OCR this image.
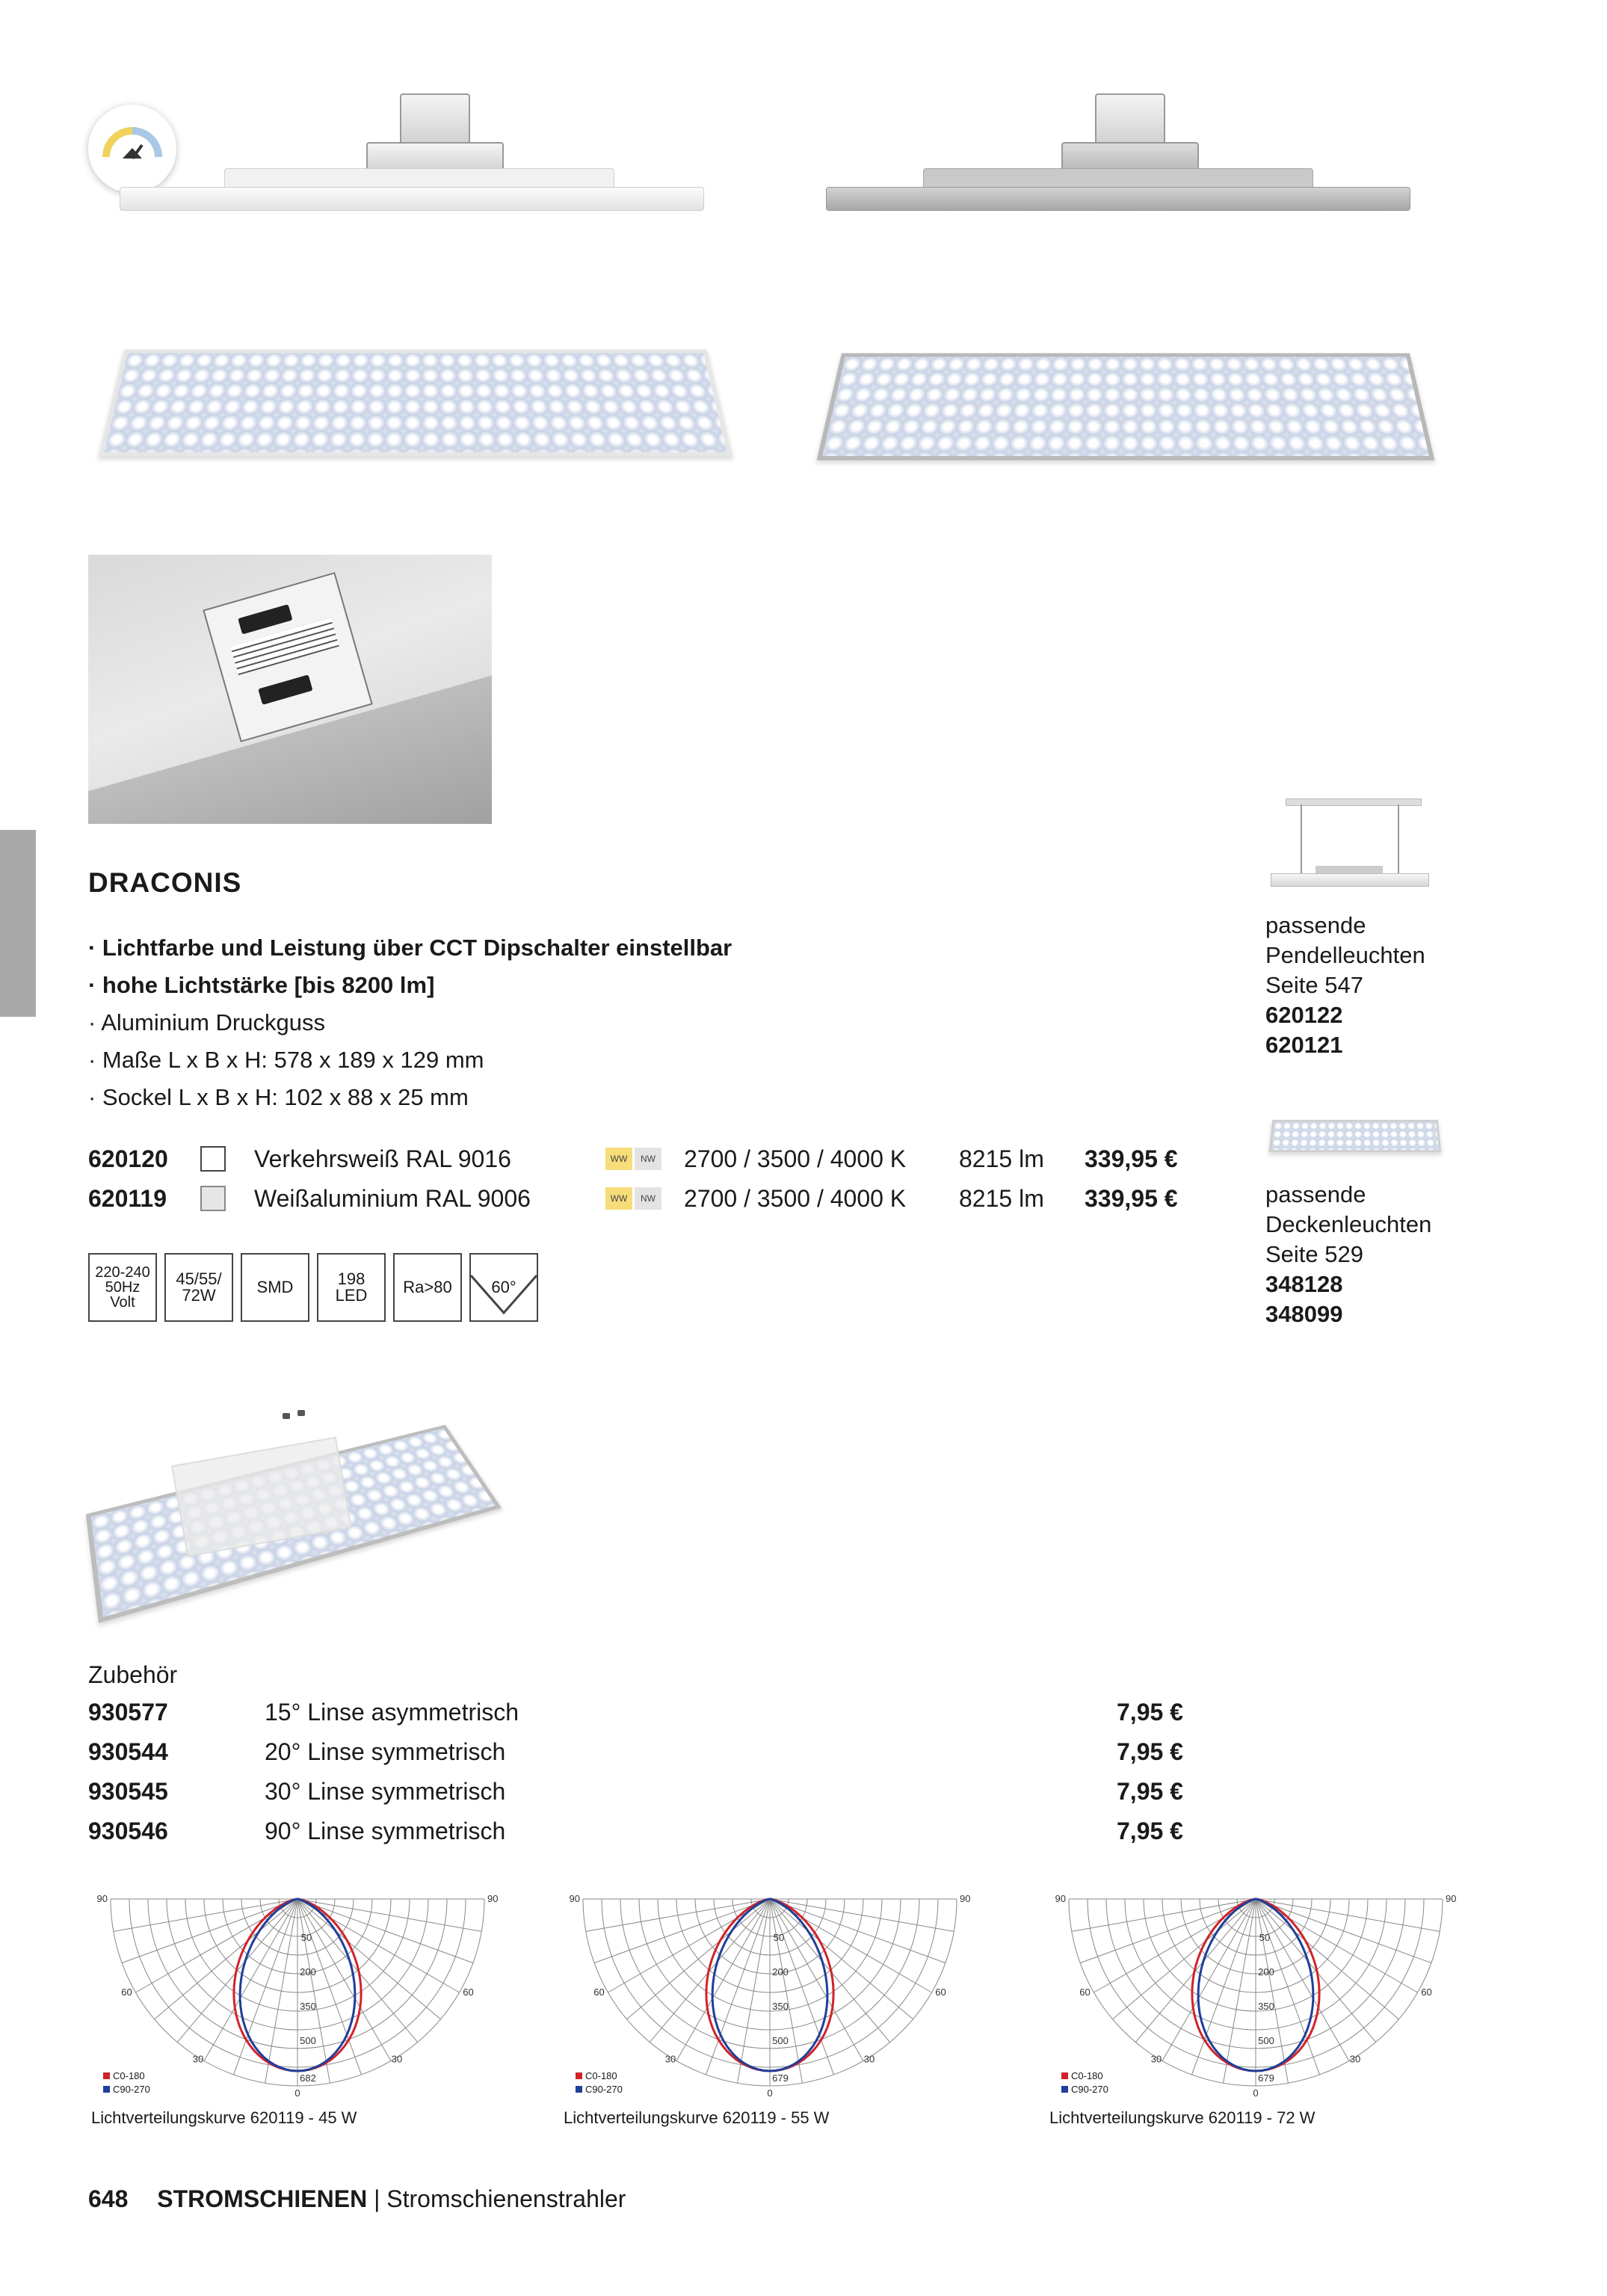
DRACONIS
· Lichtfarbe und Leistung über CCT Dipschalter einstellbar
· hohe Lichtstärke [bis 8200 lm]
· Aluminium Druckguss
· Maße L x B x H: 578 x 189 x 129 mm
· Sockel L x B x H: 102 x 88 x 25 mm
620120	Verkehrsweiß RAL 9016	WW	NW 2700 / 3500 / 4000 K	8215 lm	339,95 €
620119	Weißaluminium RAL 9006	WW	NW 2700 / 3500 / 4000 K	8215 lm	339,95 €
220-240
50Hz
Volt
45/55/
72W	SMD	198
LED	Ra>80	60°
passende
Pendelleuchten
Seite 547
620122
620121
passende
Deckenleuchten
Seite 529
348128
348099
Zubehör
930577	15° Linse asymmetrisch	7,95 €
930544	20° Linse symmetrisch	7,95 €
930545	30° Linse symmetrisch	7,95 €
930546	90° Linse symmetrisch	7,95 €
90	90
60	60
30	30
0
50
200
350
500
682
C0-180
C90-270
Lichtverteilungskurve 620119 - 45 W
90	90
60	60
30	30
0
50
200
350
500
679
C0-180
C90-270
Lichtverteilungskurve 620119 - 55 W
90	90
60	60
30	30
0
50
200
350
500
679
C0-180
C90-270
Lichtverteilungskurve 620119 - 72 W
648 STROMSCHIENEN | Stromschienenstrahler
